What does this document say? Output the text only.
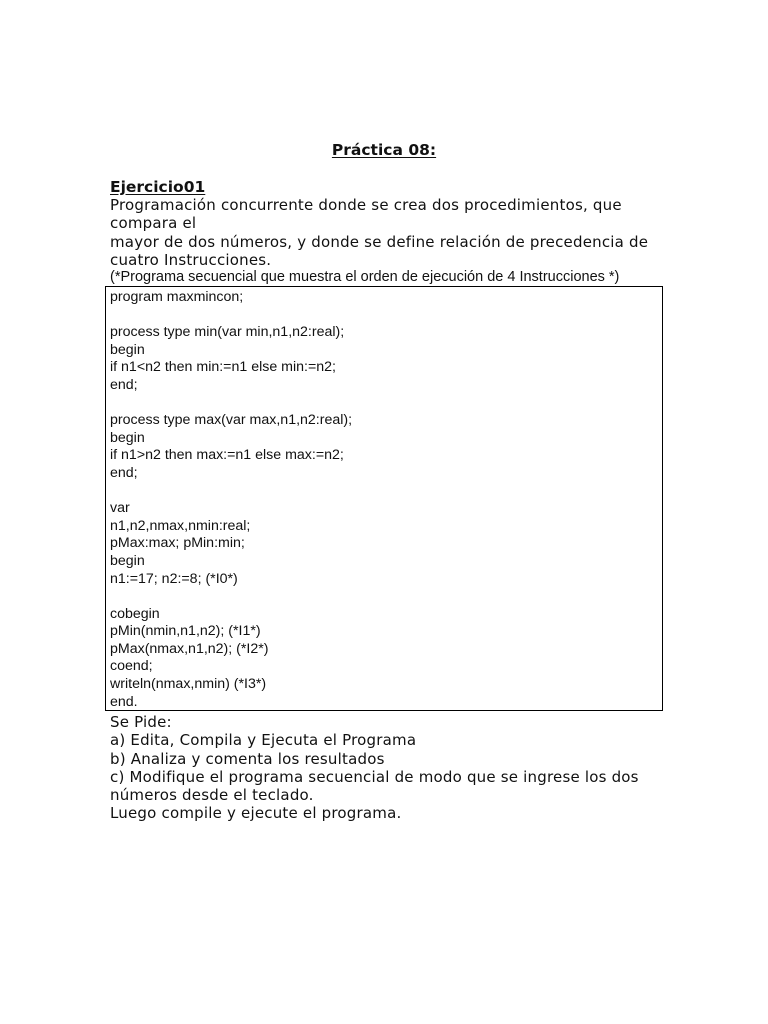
Práctica 08:
Ejercicio01
Programación concurrente donde se crea dos procedimientos, que
compara el
mayor de dos números, y donde se define relación de precedencia de
cuatro Instrucciones.
(*Programa secuencial que muestra el orden de ejecución de 4 Instrucciones *)
program maxmincon;
process type min(var min,n1,n2:real);
begin
if n1<n2 then min:=n1 else min:=n2;
end;
process type max(var max,n1,n2:real);
begin
if n1>n2 then max:=n1 else max:=n2;
end;
var
n1,n2,nmax,nmin:real;
pMax:max; pMin:min;
begin
n1:=17; n2:=8; (*I0*)
cobegin
pMin(nmin,n1,n2); (*I1*)
pMax(nmax,n1,n2); (*I2*)
coend;
writeln(nmax,nmin) (*I3*)
end.
Se Pide:
a) Edita, Compila y Ejecuta el Programa
b) Analiza y comenta los resultados
c) Modifique el programa secuencial de modo que se ingrese los dos
números desde el teclado.
Luego compile y ejecute el programa.
